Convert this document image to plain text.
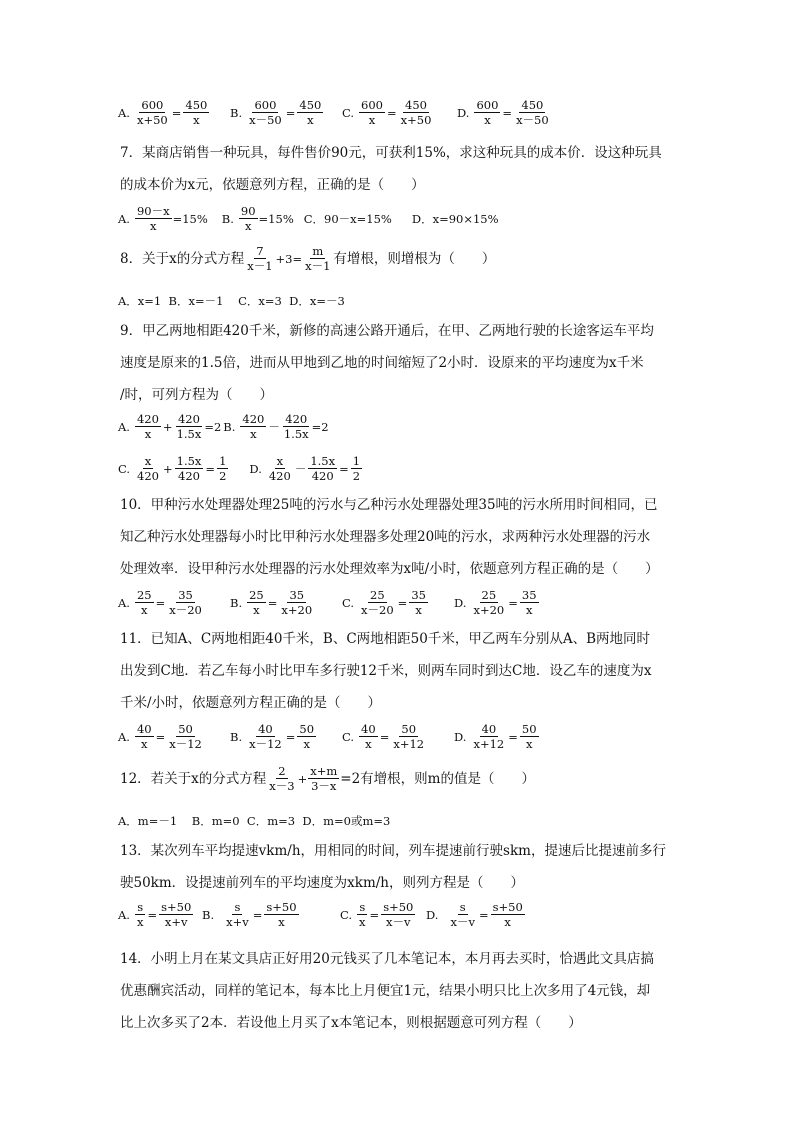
A. $\frac{600}{x+50} = \frac{450}{x} B$. $\frac{600}{x-50} = \frac{450}{x} C$. $\frac{600}{x} = \frac{450}{x+50} D$. $\frac{600}{x} = \frac{450}{x-50}$
7．某商店销售一种玩具，每件售价90元，可获利15%，求这种玩具的成本价．设这种玩具
的成本价为x元，依题意列方程，正确的是（　　）
A. $\frac{90-x}{x} =15\%$ B. $\frac{90}{x} =15\%$ C．90－x=15% D．x=90×15%
8．关于x的分式方程 $\frac{7}{x-1} +3= \frac{m}{x-1}$ 有增根，则增根为（　　）
A．x=1  B．x=－1    C．x=3  D．x=－3
9．甲乙两地相距420千米，新修的高速公路开通后，在甲、乙两地行驶的长途客运车平均
速度是原来的1.5倍，进而从甲地到乙地的时间缩短了2小时．设原来的平均速度为x千米
/时，可列方程为（　　）
A. $\frac{420}{x} + \frac{420}{1.5x} =2$ B. $\frac{420}{x} - \frac{420}{1.5x} =2$
C. $\frac{x}{420} + \frac{1.5x}{420} = \frac{1}{2} D$. $\frac{x}{420} - \frac{1.5x}{420} = \frac{1}{2}$
10．甲种污水处理器处理25吨的污水与乙种污水处理器处理35吨的污水所用时间相同，已
知乙种污水处理器每小时比甲种污水处理器多处理20吨的污水，求两种污水处理器的污水
处理效率．设甲种污水处理器的污水处理效率为x吨/小时，依题意列方程正确的是（　　）
A. $\frac{25}{x} = \frac{35}{x-20} B$. $\frac{25}{x} = \frac{35}{x+20} C$. $\frac{25}{x-20} = \frac{35}{x} D$. $\frac{25}{x+20} = \frac{35}{x}$
11．已知A、C两地相距40千米，B、C两地相距50千米，甲乙两车分别从A、B两地同时
出发到C地．若乙车每小时比甲车多行驶12千米，则两车同时到达C地．设乙车的速度为x
千米/小时，依题意列方程正确的是（　　）
A. $\frac{40}{x} = \frac{50}{x-12} B$. $\frac{40}{x-12} = \frac{50}{x} C$. $\frac{40}{x} = \frac{50}{x+12} D$. $\frac{40}{x+12} = \frac{50}{x}$
12．若关于x的分式方程 $\frac{2}{x-3} + \frac{x+m}{3-x} =2$有增根，则m的值是（　　）
A．m=－1    B．m=0  C．m=3  D．m=0或m=3
13．某次列车平均提速vkm/h，用相同的时间，列车提速前行驶skm，提速后比提速前多行
驶50km．设提速前列车的平均速度为xkm/h，则列方程是（　　）
A. $\frac{s}{x} = \frac{s+50}{x+v} B$. $\frac{s}{x+v} = \frac{s+50}{x}$	C. $\frac{s}{x} = \frac{s+50}{x-v} D$. $\frac{s}{x-v} = \frac{s+50}{x}$
14．小明上月在某文具店正好用20元钱买了几本笔记本，本月再去买时，恰遇此文具店搞
优惠酬宾活动，同样的笔记本，每本比上月便宜1元，结果小明只比上次多用了4元钱，却
比上次多买了2本．若设他上月买了x本笔记本，则根据题意可列方程（　　）
